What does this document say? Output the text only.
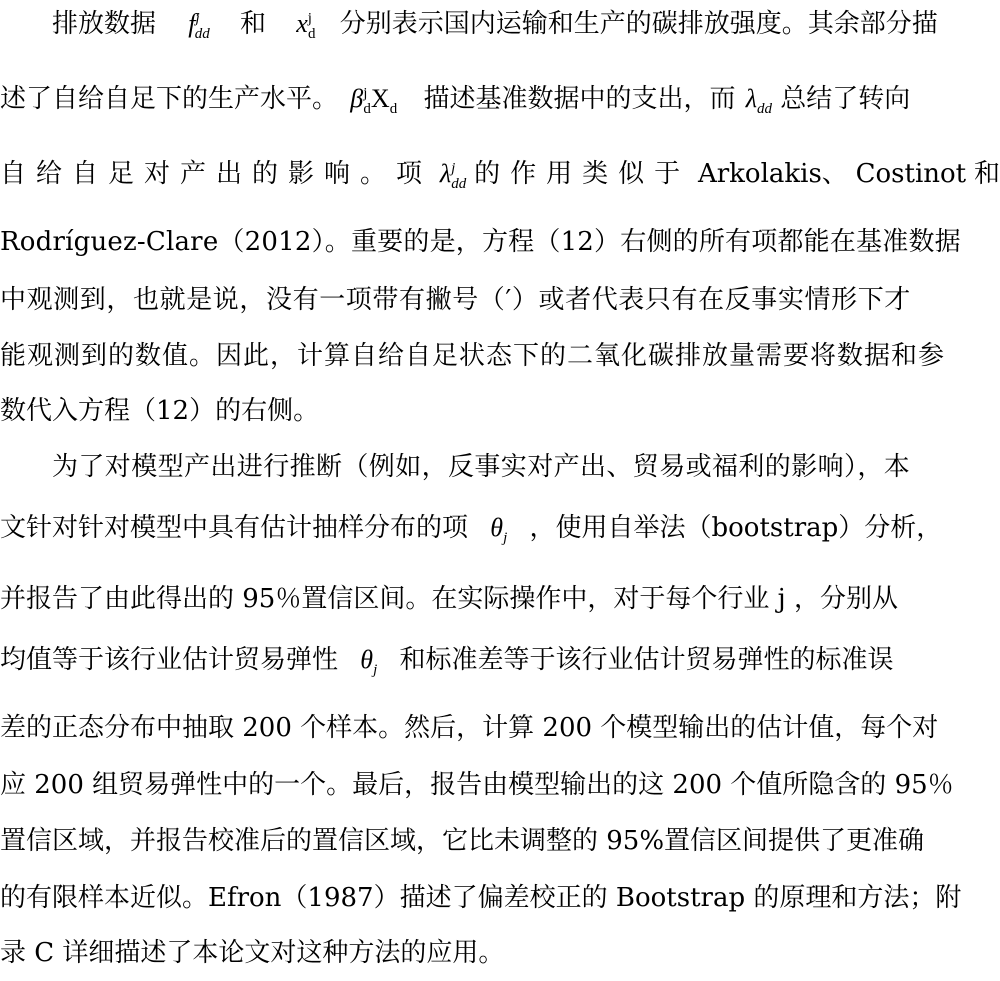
排放数据 $f^j_{dd}$ 和 $x^j_d$ 分别表示国内运输和生产的碳排放强度。其余部分描
述了自给自足下的生产水平。 $\beta^j_dX_d$ 描述基准数据中的支出，而 $\lambda_{dd}$ 总结了转向
自给自足对产出的影响。项 $\lambda^j_{dd}$ 的作用类似于 Arkolakis、 Costinot 和
Rodríguez-Clare（2012）。重要的是，方程（12）右侧的所有项都能在基准数据
中观测到，也就是说，没有一项带有撇号（′）或者代表只有在反事实情形下才
能观测到的数值。因此，计算自给自足状态下的二氧化碳排放量需要将数据和参
数代入方程（12）的右侧。
为了对模型产出进行推断（例如，反事实对产出、贸易或福利的影响），本
文针对针对模型中具有估计抽样分布的项 $\theta_j$ ，使用自举法（bootstrap）分析，
并报告了由此得出的 95％置信区间。在实际操作中，对于每个行业 j ，分别从
均值等于该行业估计贸易弹性 $\theta_j$ 和标准差等于该行业估计贸易弹性的标准误
差的正态分布中抽取 200 个样本。然后，计算 200 个模型输出的估计值，每个对
应 200 组贸易弹性中的一个。最后，报告由模型输出的这 200 个值所隐含的 95％
置信区域，并报告校准后的置信区域，它比未调整的 95%置信区间提供了更准确
的有限样本近似。Efron（1987）描述了偏差校正的 Bootstrap 的原理和方法；附
录 C 详细描述了本论文对这种方法的应用。
